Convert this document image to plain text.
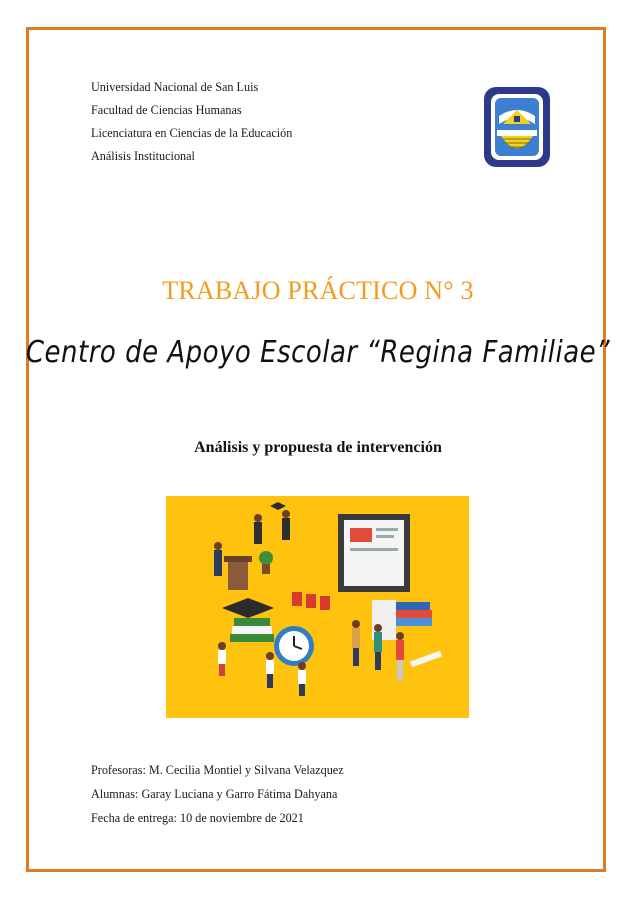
Universidad Nacional de San Luis
Facultad de Ciencias Humanas
Licenciatura en Ciencias de la Educación
Análisis Institucional
TRABAJO PRÁCTICO N° 3
Centro de Apoyo Escolar “Regina Familiae”
Análisis y propuesta de intervención
Profesoras: M. Cecilia Montiel y Silvana Velazquez
Alumnas: Garay Luciana y Garro Fátima Dahyana
Fecha de entrega: 10 de noviembre de 2021
